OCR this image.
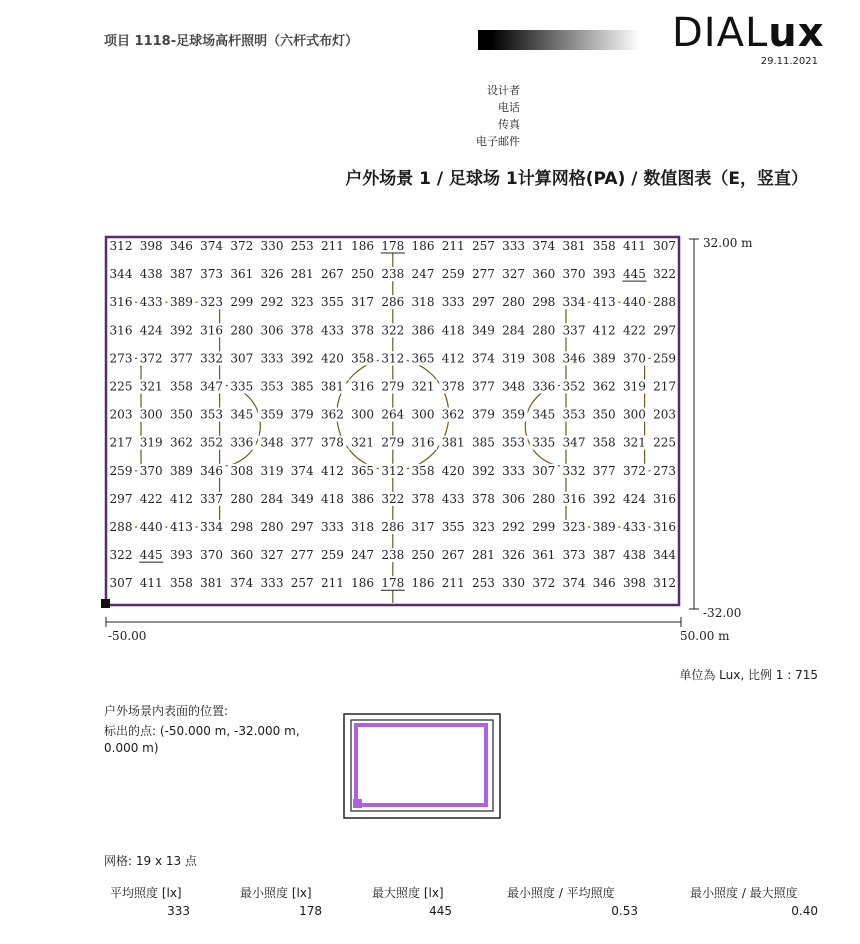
项目 1118-足球场高杆照明（六杆式布灯）	DIALux
29.11.2021
设计者
电话
传真
电子邮件
户外场景 1 / 足球场 1计算网格(PA) / 数值图表（E，竖直）
312 398 346 374 372 330 253 211 186 178 186 211 257 333 374 381 358 411 307
344 438 387 373 361 326 281 267 250 238 247 259 277 327 360 370 393 445 322
316 433 389 323 299 292 323 355 317 286 318 333 297 280 298 334 413 440 288
316 424 392 316 280 306 378 433 378 322 386 418 349 284 280 337 412 422 297
273 372 377 332 307 333 392 420 358 312 365 412 374 319 308 346 389 370 259
225 321 358 347 335 353 385 381 316 279 321 378 377 348 336 352 362 319 217
203 300 350 353 345 359 379 362 300 264 300 362 379 359 345 353 350 300 203
217 319 362 352 336 348 377 378 321 279 316 381 385 353 335 347 358 321 225
259 370 389 346 308 319 374 412 365 312 358 420 392 333 307 332 377 372 273
297 422 412 337 280 284 349 418 386 322 378 433 378 306 280 316 392 424 316
288 440 413 334 298 280 297 333 318 286 317 355 323 292 299 323 389 433 316
322 445 393 370 360 327 277 259 247 238 250 267 281 326 361 373 387 438 344
307 411 358 381 374 333 257 211 186 178 186 211 253 330 372 374 346 398 312
32.00 m
-32.00
-50.00	50.00 m
单位為 Lux, 比例 1 : 715
户外场景内表面的位置:
标出的点: (-50.000 m, -32.000 m,
0.000 m)
网格: 19 x 13 点
平均照度 [lx]	最小照度 [lx]	最大照度 [lx]	最小照度 / 平均照度	最小照度 / 最大照度
333	178	445	0.53	0.40
